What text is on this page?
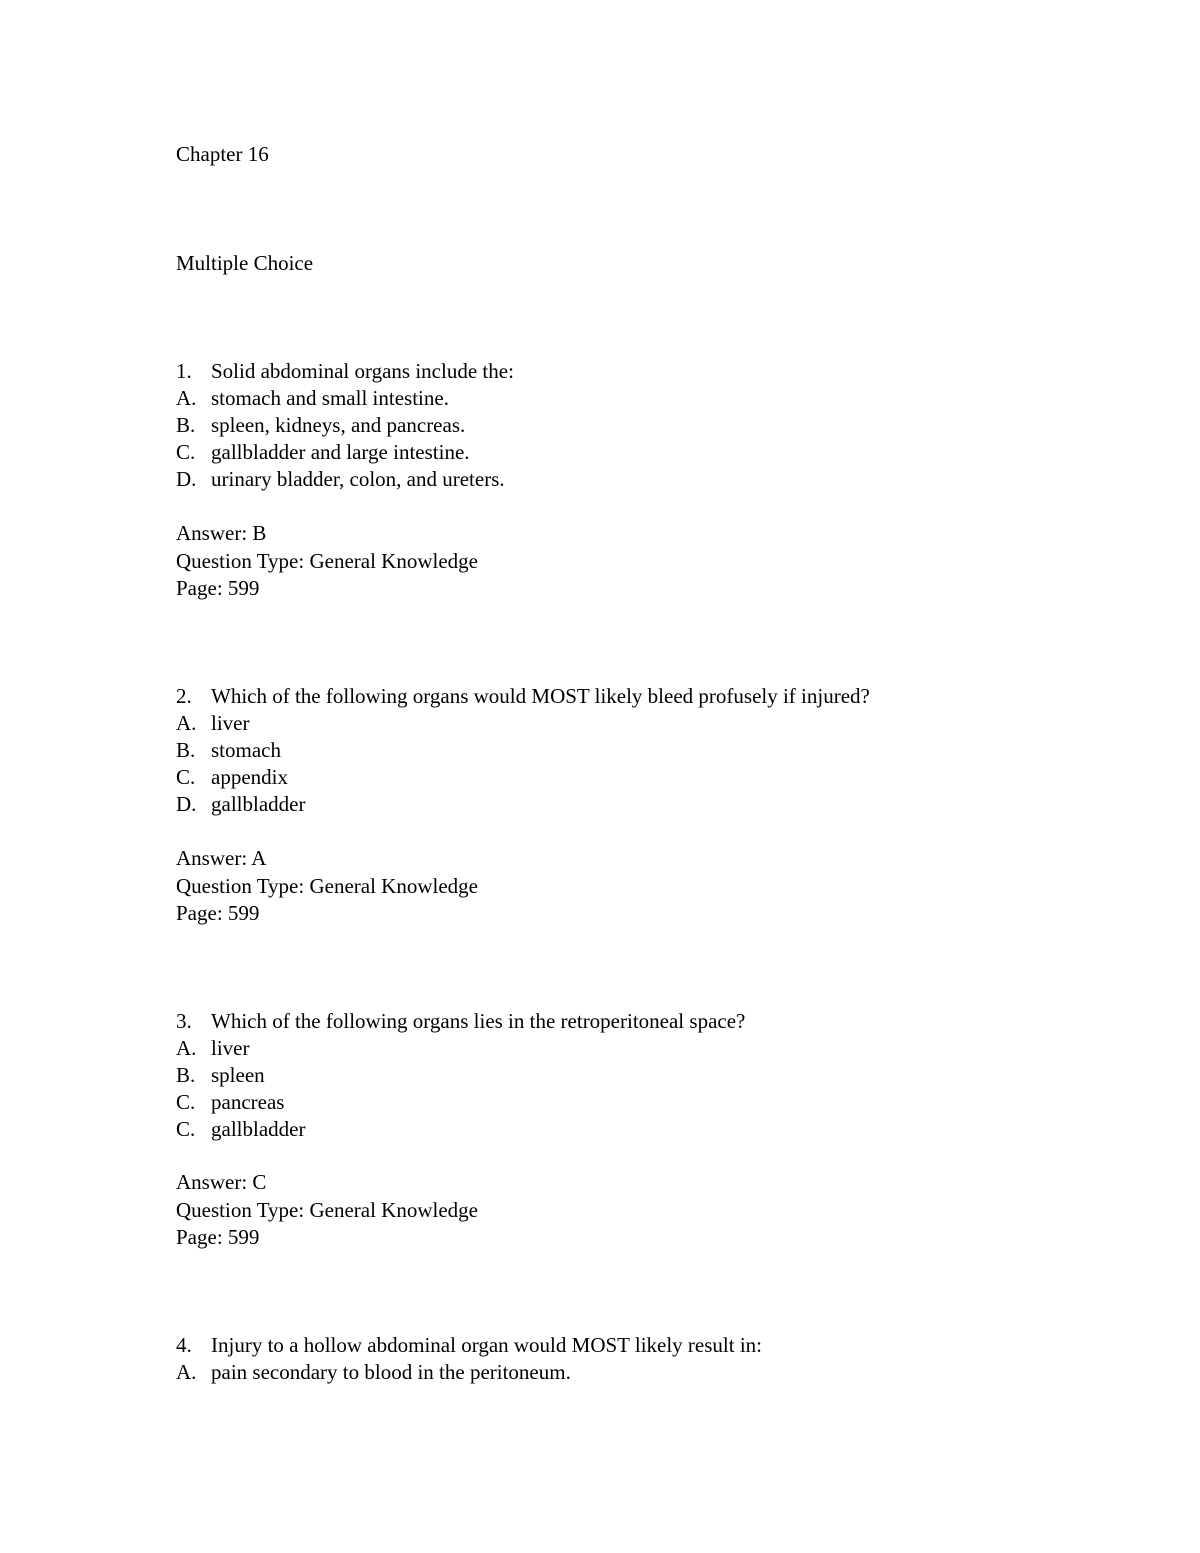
Chapter 16
Multiple Choice
1. Solid abdominal organs include the:
A. stomach and small intestine.
B. spleen, kidneys, and pancreas.
C. gallbladder and large intestine.
D. urinary bladder, colon, and ureters.
Answer: B
Question Type: General Knowledge
Page: 599
2. Which of the following organs would MOST likely bleed profusely if injured?
A. liver
B. stomach
C. appendix
D. gallbladder
Answer: A
Question Type: General Knowledge
Page: 599
3. Which of the following organs lies in the retroperitoneal space?
A. liver
B. spleen
C. pancreas
C. gallbladder
Answer: C
Question Type: General Knowledge
Page: 599
4. Injury to a hollow abdominal organ would MOST likely result in:
A. pain secondary to blood in the peritoneum.
